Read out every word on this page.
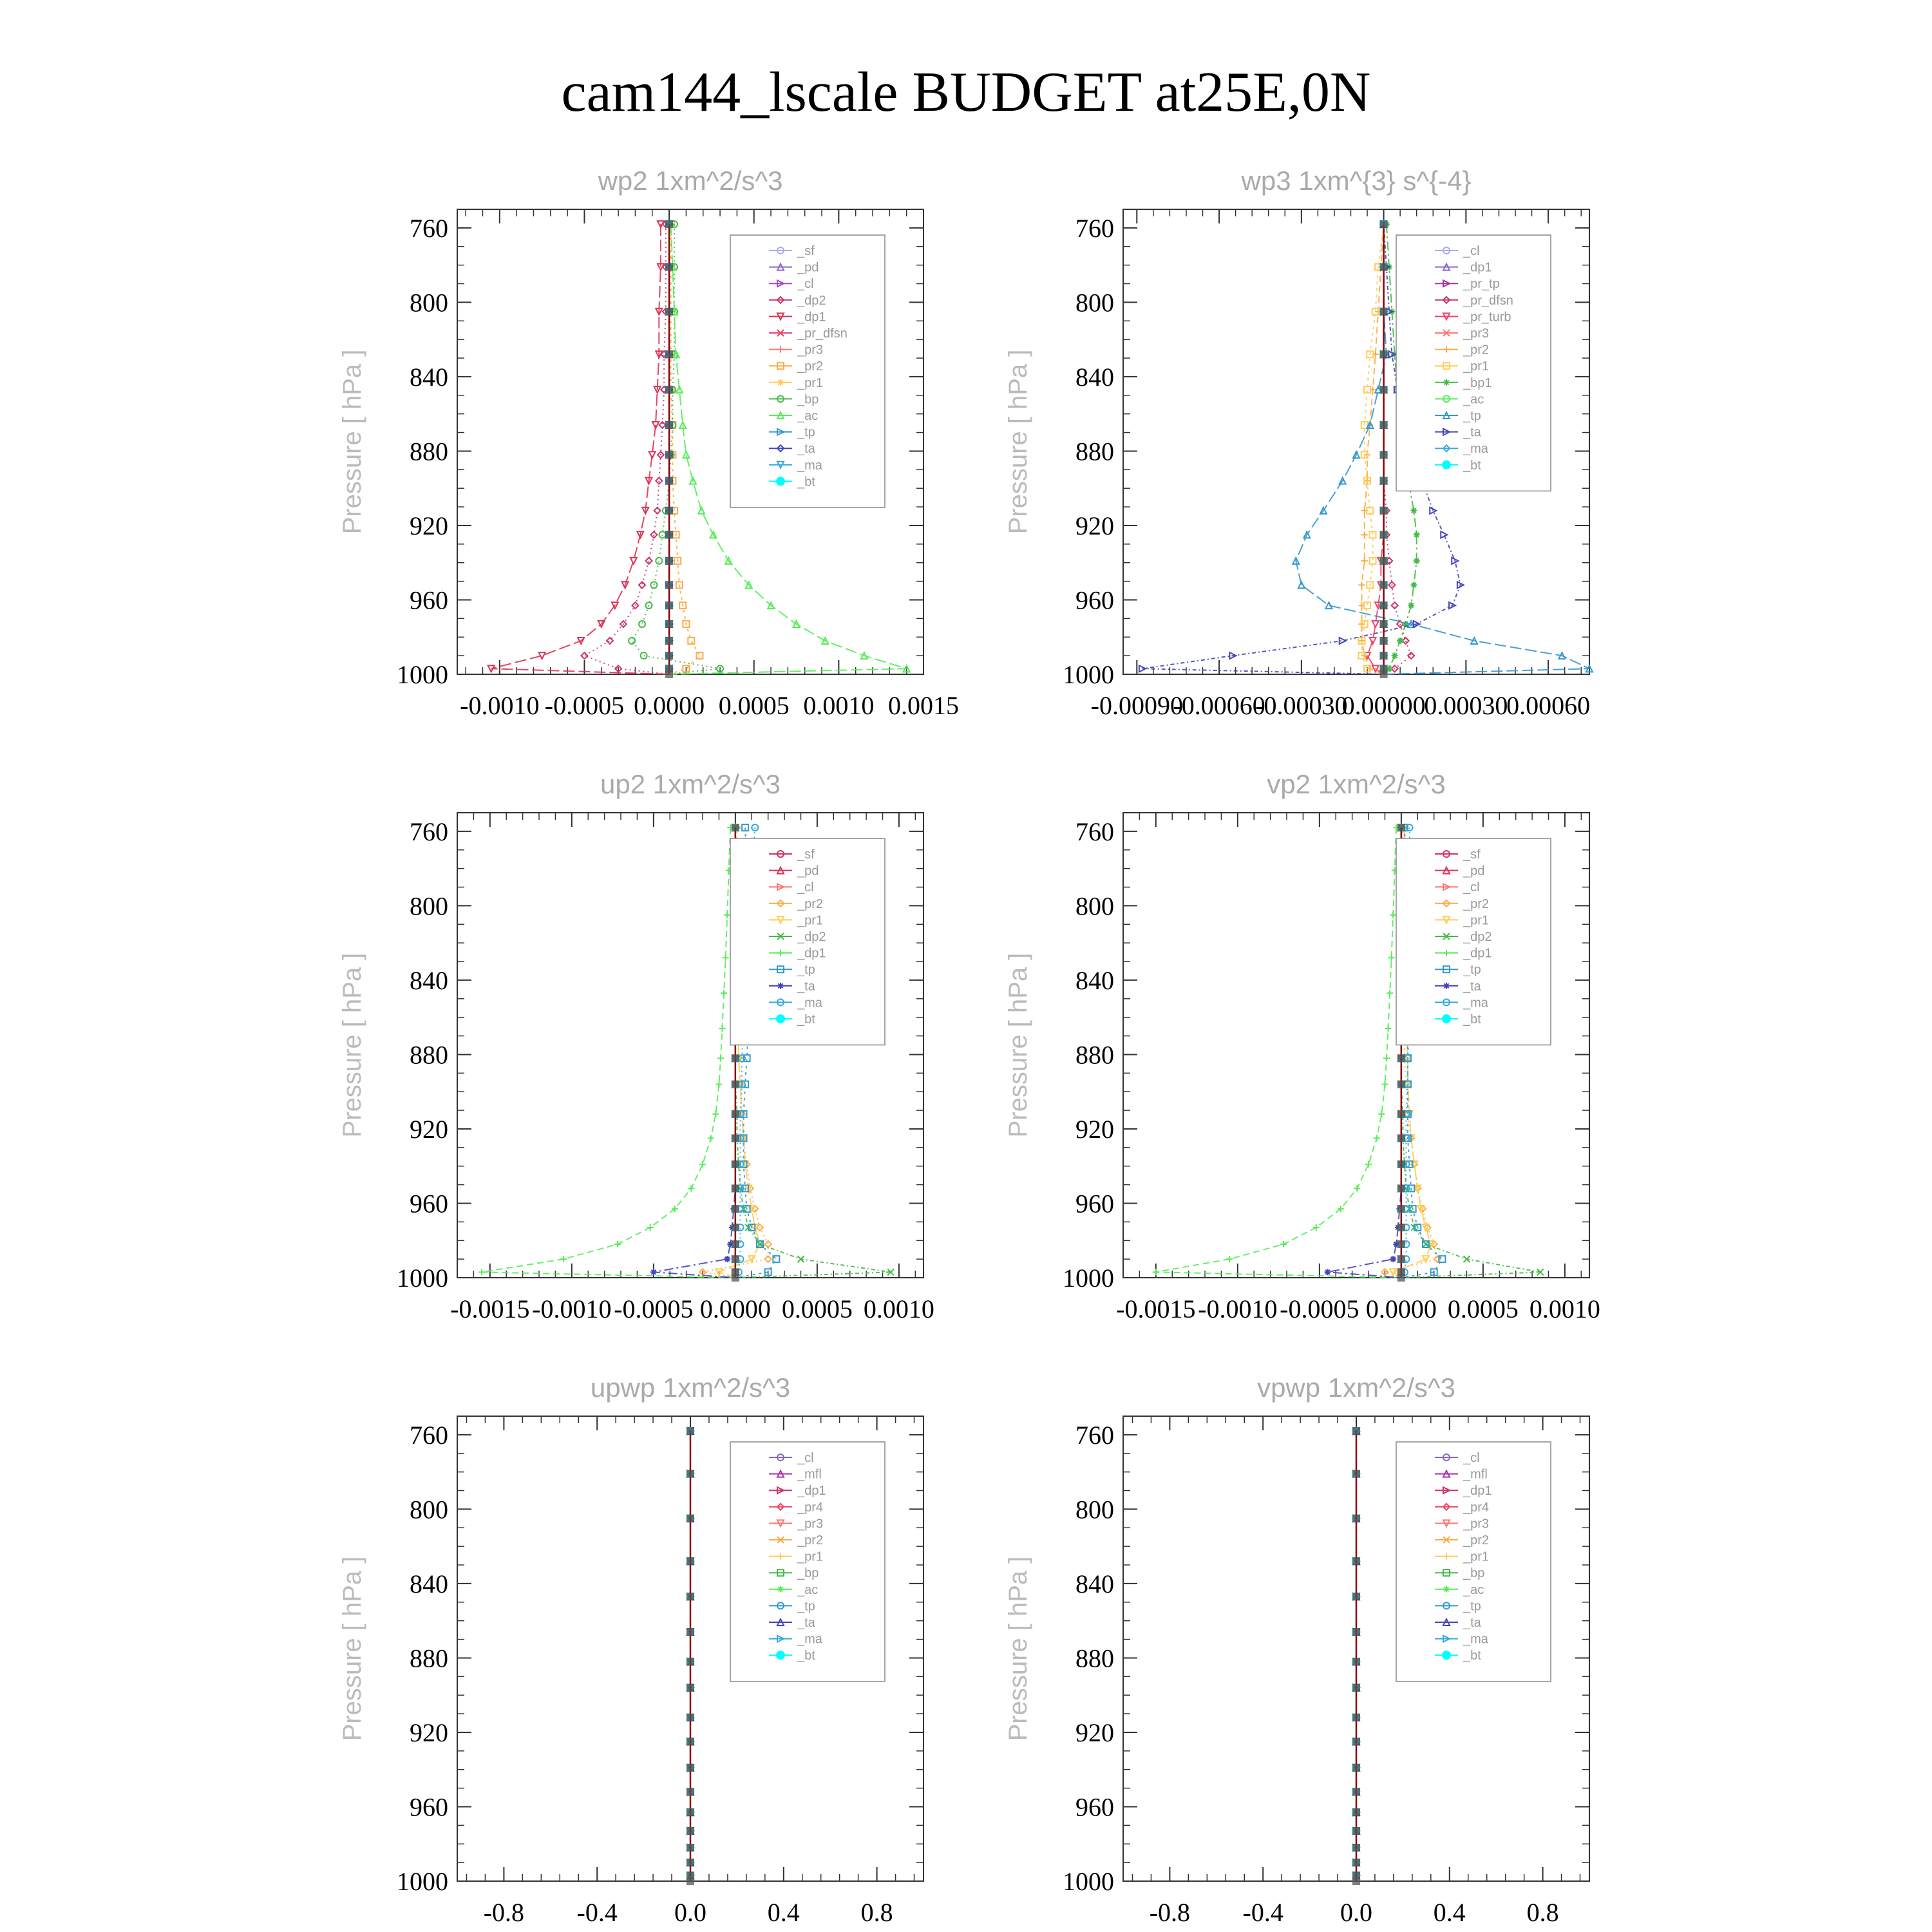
cam144_lscale BUDGET at25E,0N
wp2 1xm^2/s^3
Pressure [ hPa ]
760
800
840
880
920
960
1000
-0.0010 -0.0005 0.0000 0.0005 0.0010 0.0015
_sf
_pd
_cl
_dp2
_dp1
_pr_dfsn
_pr3
_pr2
_pr1
_bp
_ac
_tp
_ta
_ma
_bt
wp3 1xm^{3} s^{-4}
Pressure [ hPa ]
760
800
840
880
920
960
1000
-0.00090
-0.00060
-0.00030
0.00000
0.00030
0.00060
_cl
_dp1
_pr_tp
_pr_dfsn
_pr_turb
_pr3
_pr2
_pr1
_bp1
_ac
_tp
_ta
_ma
_bt
up2 1xm^2/s^3
Pressure [ hPa ]
760
800
840
880
920
960
1000
-0.0015 -0.0010 -0.0005 0.0000 0.0005 0.0010
_sf
_pd
_cl
_pr2
_pr1
_dp2
_dp1
_tp
_ta
_ma
_bt
vp2 1xm^2/s^3
Pressure [ hPa ]
760
800
840
880
920
960
1000
-0.0015 -0.0010 -0.0005 0.0000 0.0005 0.0010
_sf
_pd
_cl
_pr2
_pr1
_dp2
_dp1
_tp
_ta
_ma
_bt
upwp 1xm^2/s^3
Pressure [ hPa ]
760
800
840
880
920
960
1000
-0.8 -0.4 0.0 0.4 0.8
_cl
_mfl
_dp1
_pr4
_pr3
_pr2
_pr1
_bp
_ac
_tp
_ta
_ma
_bt
vpwp 1xm^2/s^3
Pressure [ hPa ]
760
800
840
880
920
960
1000
-0.8 -0.4 0.0 0.4 0.8
_cl
_mfl
_dp1
_pr4
_pr3
_pr2
_pr1
_bp
_ac
_tp
_ta
_ma
_bt
